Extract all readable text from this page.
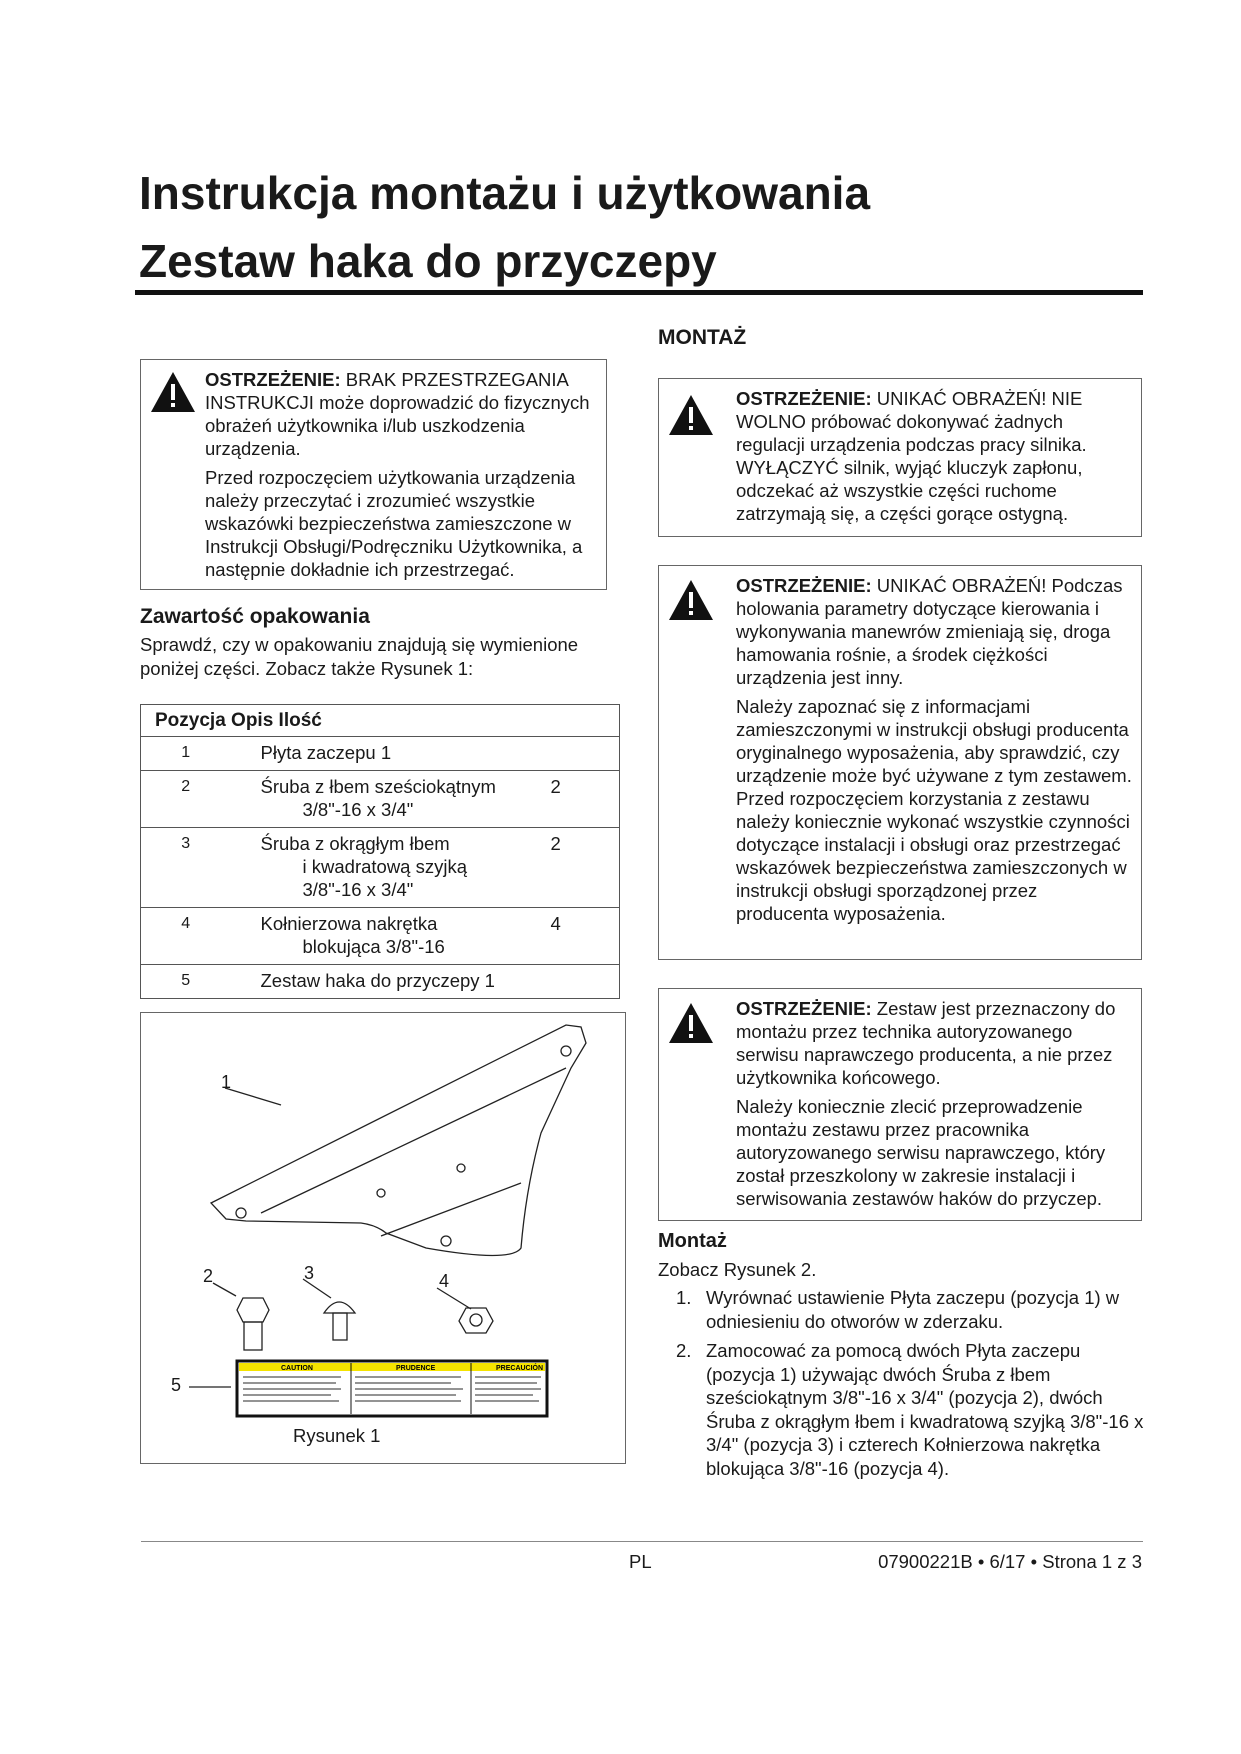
Instrukcja montażu i użytkowania
Zestaw haka do przyczepy

OSTRZEŻENIE: BRAK PRZESTRZEGANIA INSTRUKCJI może doprowadzić do fizycznych obrażeń użytkownika i/lub uszkodzenia urządzenia.

Przed rozpoczęciem użytkowania urządzenia należy przeczytać i zrozumieć wszystkie wskazówki bezpieczeństwa zamieszczone w Instrukcji Obsługi/Podręczniku Użytkownika, a następnie dokładnie ich przestrzegać.

Zawartość opakowania
Sprawdź, czy w opakowaniu znajdują się wymienione poniżej części. Zobacz także Rysunek 1:
Pozycja Opis Ilość		
1	Płyta zaczepu 1	
2	Śruba z łbem sześciokątnym
3/8"-16 x 3/4"	2
3	Śruba z okrągłym łbem
i kwadratową szyjką
3/8"-16 x 3/4"	2
4	Kołnierzowa nakrętka
blokująca 3/8"-16	4
5	Zestaw haka do przyczepy 1	
CAUTION	PRUDENCE	PRECAUCIÓN
1
2	3	4
5
Rysunek 1
MONTAŻ

OSTRZEŻENIE: UNIKAĆ OBRAŻEŃ! NIE WOLNO próbować dokonywać żadnych regulacji urządzenia podczas pracy silnika. WYŁĄCZYĆ silnik, wyjąć kluczyk zapłonu, odczekać aż wszystkie części ruchome zatrzymają się, a części gorące ostygną.

OSTRZEŻENIE: UNIKAĆ OBRAŻEŃ! Podczas holowania parametry dotyczące kierowania i wykonywania manewrów zmieniają się, droga hamowania rośnie, a środek ciężkości urządzenia jest inny.

Należy zapoznać się z informacjami zamieszczonymi w instrukcji obsługi producenta oryginalnego wyposażenia, aby sprawdzić, czy urządzenie może być używane z tym zestawem. Przed rozpoczęciem korzystania z zestawu należy koniecznie wykonać wszystkie czynności dotyczące instalacji i obsługi oraz przestrzegać wskazówek bezpieczeństwa zamieszczonych w instrukcji obsługi sporządzonej przez producenta wyposażenia.

OSTRZEŻENIE: Zestaw jest przeznaczony do montażu przez technika autoryzowanego serwisu naprawczego producenta, a nie przez użytkownika końcowego.

Należy koniecznie zlecić przeprowadzenie montażu zestawu przez pracownika autoryzowanego serwisu naprawczego, który został przeszkolony w zakresie instalacji i serwisowania zestawów haków do przyczep.

Montaż
Zobacz Rysunek 2.
1. Wyrównać ustawienie Płyta zaczepu (pozycja 1) w odniesieniu do otworów w zderzaku.
2. Zamocować za pomocą dwóch Płyta zaczepu (pozycja 1) używając dwóch Śruba z łbem sześciokątnym 3/8"-16 x 3/4" (pozycja 2), dwóch Śruba z okrągłym łbem i kwadratową szyjką 3/8"-16 x 3/4" (pozycja 3) i czterech Kołnierzowa nakrętka blokująca 3/8"-16 (pozycja 4).
PL	07900221B • 6/17 • Strona 1 z 3
